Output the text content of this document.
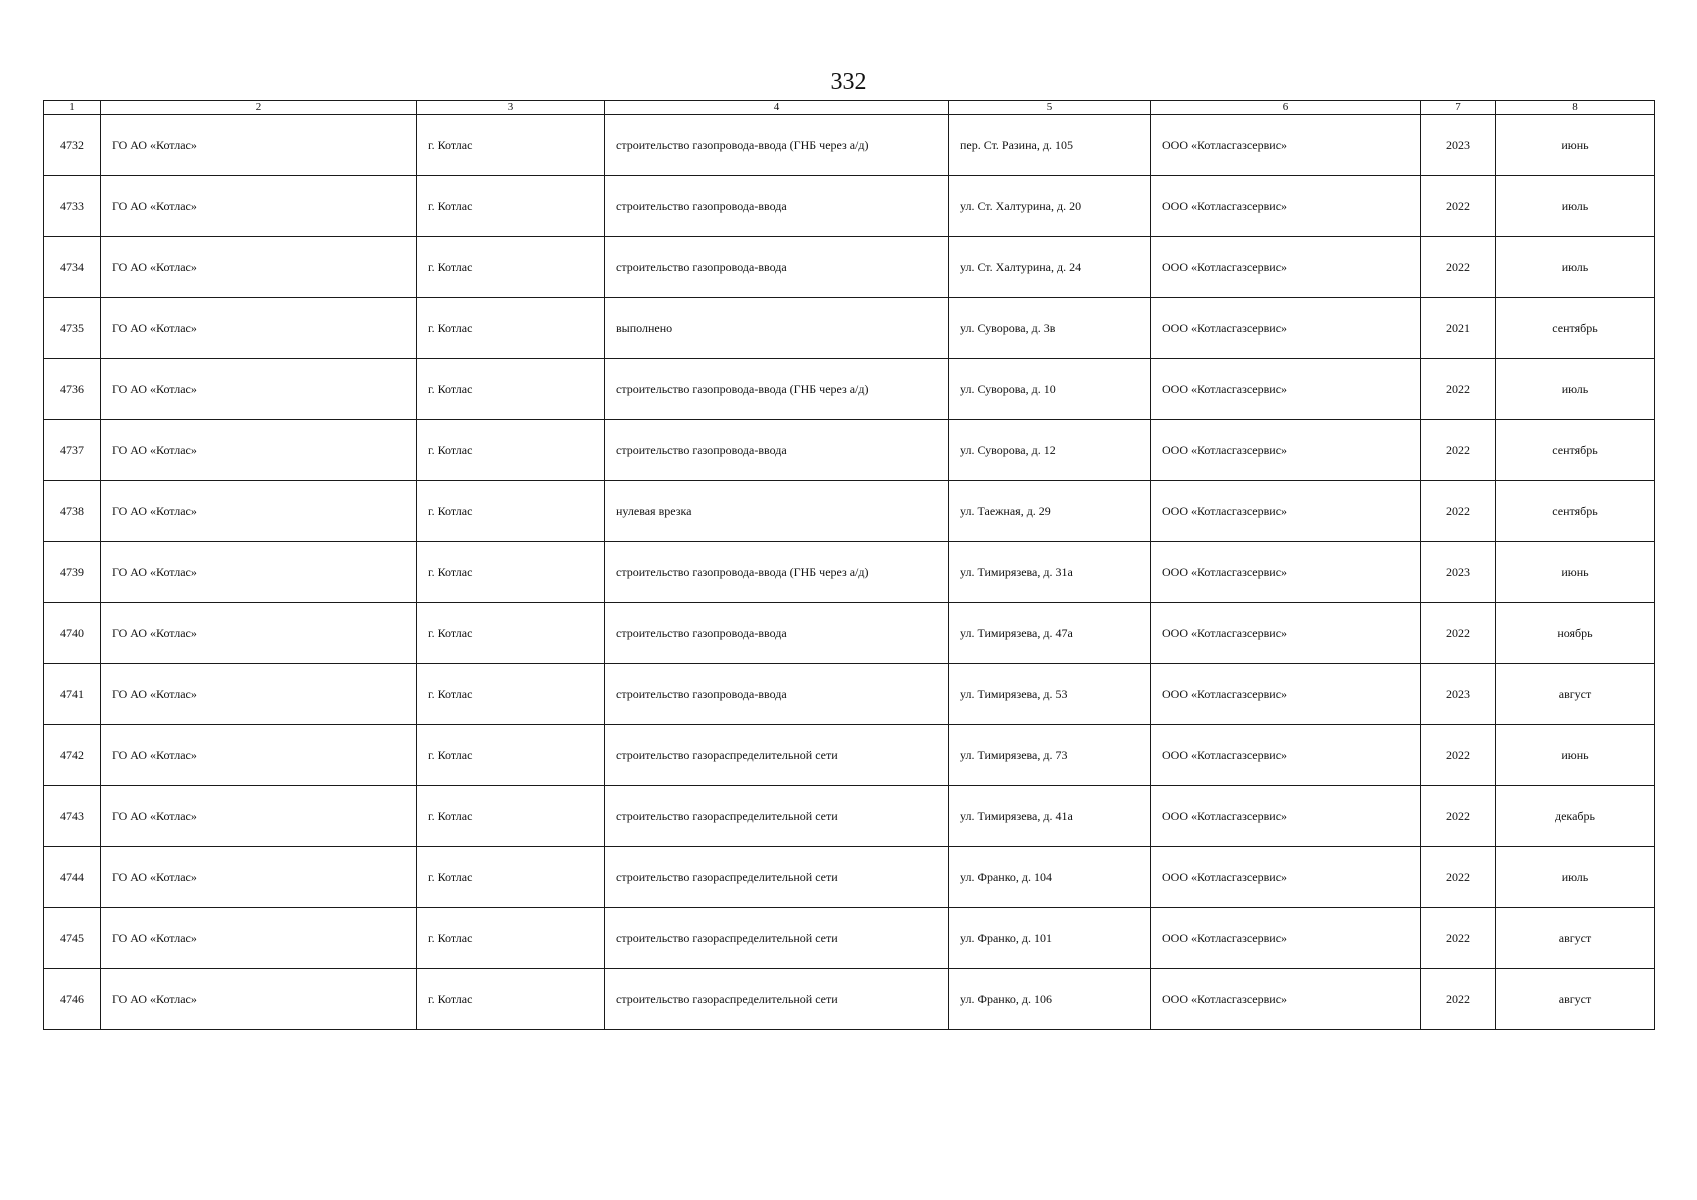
332
1	2	3	4	5	6	7	8
4732	ГО АО «Котлас»	г. Котлас	строительство газопровода-ввода (ГНБ через а/д)	пер. Ст. Разина, д. 105	ООО «Котласгазсервис»	2023	июнь
4733	ГО АО «Котлас»	г. Котлас	строительство газопровода-ввода	ул. Ст. Халтурина, д. 20	ООО «Котласгазсервис»	2022	июль
4734	ГО АО «Котлас»	г. Котлас	строительство газопровода-ввода	ул. Ст. Халтурина, д. 24	ООО «Котласгазсервис»	2022	июль
4735	ГО АО «Котлас»	г. Котлас	выполнено	ул. Суворова, д. 3в	ООО «Котласгазсервис»	2021	сентябрь
4736	ГО АО «Котлас»	г. Котлас	строительство газопровода-ввода (ГНБ через а/д)	ул. Суворова, д. 10	ООО «Котласгазсервис»	2022	июль
4737	ГО АО «Котлас»	г. Котлас	строительство газопровода-ввода	ул. Суворова, д. 12	ООО «Котласгазсервис»	2022	сентябрь
4738	ГО АО «Котлас»	г. Котлас	нулевая врезка	ул. Таежная, д. 29	ООО «Котласгазсервис»	2022	сентябрь
4739	ГО АО «Котлас»	г. Котлас	строительство газопровода-ввода (ГНБ через а/д)	ул. Тимирязева, д. 31а	ООО «Котласгазсервис»	2023	июнь
4740	ГО АО «Котлас»	г. Котлас	строительство газопровода-ввода	ул. Тимирязева, д. 47а	ООО «Котласгазсервис»	2022	ноябрь
4741	ГО АО «Котлас»	г. Котлас	строительство газопровода-ввода	ул. Тимирязева, д. 53	ООО «Котласгазсервис»	2023	август
4742	ГО АО «Котлас»	г. Котлас	строительство газораспределительной сети	ул. Тимирязева, д. 73	ООО «Котласгазсервис»	2022	июнь
4743	ГО АО «Котлас»	г. Котлас	строительство газораспределительной сети	ул. Тимирязева, д. 41а	ООО «Котласгазсервис»	2022	декабрь
4744	ГО АО «Котлас»	г. Котлас	строительство газораспределительной сети	ул. Франко, д. 104	ООО «Котласгазсервис»	2022	июль
4745	ГО АО «Котлас»	г. Котлас	строительство газораспределительной сети	ул. Франко, д. 101	ООО «Котласгазсервис»	2022	август
4746	ГО АО «Котлас»	г. Котлас	строительство газораспределительной сети	ул. Франко, д. 106	ООО «Котласгазсервис»	2022	август
